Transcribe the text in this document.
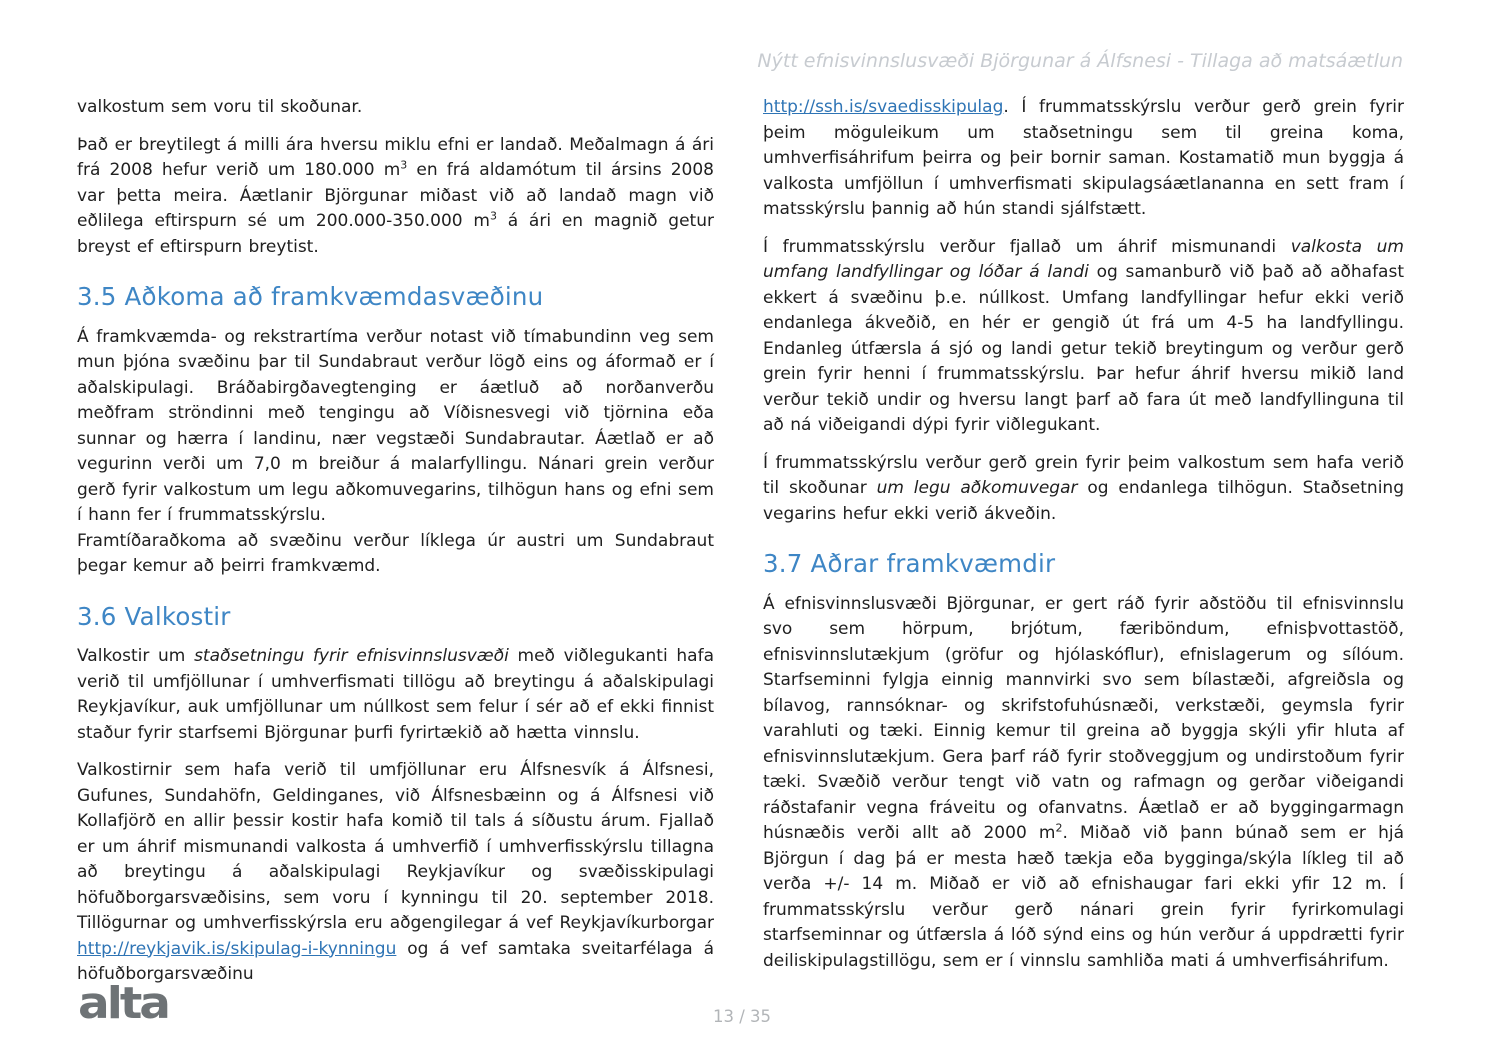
Nýtt efnisvinnslusvæði Björgunar á Álfsnesi - Tillaga að matsáætlun

valkostum sem voru til skoðunar.

Það er breytilegt á milli ára hversu miklu efni er landað. Meðalmagn á ári frá 2008 hefur verið um 180.000 $m^3$ en frá aldamótum til ársins 2008 var þetta meira. Áætlanir Björgunar miðast við að landað magn við eðlilega eftirspurn sé um 200.000-350.000 $m^3$ á ári en magnið getur breyst ef eftirspurn breytist.

3.5 Aðkoma að framkvæmdasvæðinu

Á framkvæmda- og rekstrartíma verður notast við tímabundinn veg sem mun þjóna svæðinu þar til Sundabraut verður lögð eins og áformað er í aðalskipulagi. Bráðabirgðavegtenging er áætluð að norðanverðu meðfram ströndinni með tengingu að Víðisnesvegi við tjörnina eða sunnar og hærra í landinu, nær vegstæði Sundabrautar. Áætlað er að vegurinn verði um 7,0 m breiður á malarfyllingu. Nánari grein verður gerð fyrir valkostum um legu aðkomuvegarins, tilhögun hans og efni sem í hann fer í frummatsskýrslu.

Framtíðaraðkoma að svæðinu verður líklega úr austri um Sundabraut þegar kemur að þeirri framkvæmd.

3.6 Valkostir

Valkostir um staðsetningu fyrir efnisvinnslusvæði með viðlegukanti hafa verið til umfjöllunar í umhverfismati tillögu að breytingu á aðalskipulagi Reykjavíkur, auk umfjöllunar um núllkost sem felur í sér að ef ekki finnist staður fyrir starfsemi Björgunar þurfi fyrirtækið að hætta vinnslu.

Valkostirnir sem hafa verið til umfjöllunar eru Álfsnesvík á Álfsnesi, Gufunes, Sundahöfn, Geldinganes, við Álfsnesbæinn og á Álfsnesi við Kollafjörð en allir þessir kostir hafa komið til tals á síðustu árum. Fjallað er um áhrif mismunandi valkosta á umhverfið í umhverfisskýrslu tillagna að breytingu á aðalskipulagi Reykjavíkur og svæðisskipulagi höfuðborgarsvæðisins, sem voru í kynningu til 20. september 2018. Tillögurnar og umhverfisskýrsla eru aðgengilegar á vef Reykjavíkurborgar http://reykjavik.is/skipulag-i-kynningu og á vef samtaka sveitarfélaga á höfuðborgarsvæðinu

http://ssh.is/svaedisskipulag. Í frummatsskýrslu verður gerð grein fyrir þeim möguleikum um staðsetningu sem til greina koma, umhverfisáhrifum þeirra og þeir bornir saman. Kostamatið mun byggja á valkosta umfjöllun í umhverfismati skipulagsáætlananna en sett fram í matsskýrslu þannig að hún standi sjálfstætt.

Í frummatsskýrslu verður fjallað um áhrif mismunandi valkosta um umfang landfyllingar og lóðar á landi og samanburð við það að aðhafast ekkert á svæðinu þ.e. núllkost. Umfang landfyllingar hefur ekki verið endanlega ákveðið, en hér er gengið út frá um 4-5 ha landfyllingu. Endanleg útfærsla á sjó og landi getur tekið breytingum og verður gerð grein fyrir henni í frummatsskýrslu. Þar hefur áhrif hversu mikið land verður tekið undir og hversu langt þarf að fara út með landfyllinguna til að ná viðeigandi dýpi fyrir viðlegukant.

Í frummatsskýrslu verður gerð grein fyrir þeim valkostum sem hafa verið til skoðunar um legu aðkomuvegar og endanlega tilhögun. Staðsetning vegarins hefur ekki verið ákveðin.

3.7 Aðrar framkvæmdir

Á efnisvinnslusvæði Björgunar, er gert ráð fyrir aðstöðu til efnisvinnslu svo sem hörpum, brjótum, færiböndum, efnisþvottastöð, efnisvinnslutækjum (gröfur og hjólaskóflur), efnislagerum og sílóum. Starfseminni fylgja einnig mannvirki svo sem bílastæði, afgreiðsla og bílavog, rannsóknar- og skrifstofuhúsnæði, verkstæði, geymsla fyrir varahluti og tæki. Einnig kemur til greina að byggja skýli yfir hluta af efnisvinnslutækjum. Gera þarf ráð fyrir stoðveggjum og undirstoðum fyrir tæki. Svæðið verður tengt við vatn og rafmagn og gerðar viðeigandi ráðstafanir vegna fráveitu og ofanvatns. Áætlað er að byggingarmagn húsnæðis verði allt að 2000 $m^2$. Miðað við þann búnað sem er hjá Björgun í dag þá er mesta hæð tækja eða bygginga/skýla líkleg til að verða +/- 14 m. Miðað er við að efnishaugar fari ekki yfir 12 m. Í frummatsskýrslu verður gerð nánari grein fyrir fyrirkomulagi starfseminnar og útfærsla á lóð sýnd eins og hún verður á uppdrætti fyrir deiliskipulagstillögu, sem er í vinnslu samhliða mati á umhverfisáhrifum.

alta	13 / 35
